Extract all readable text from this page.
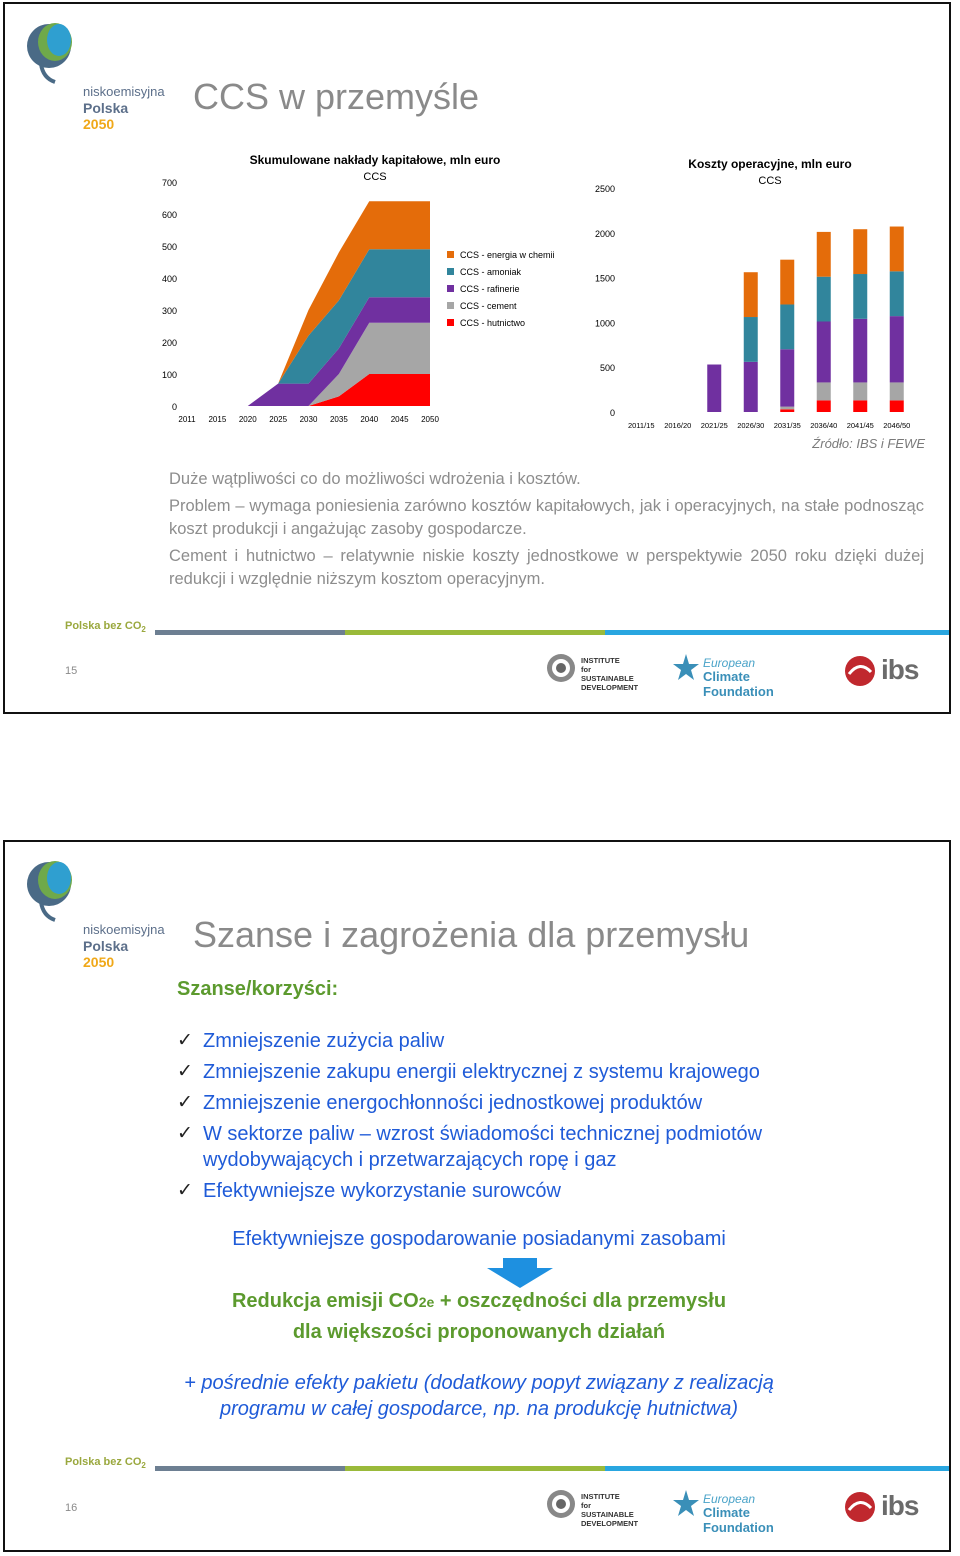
niskoemisyjna
Polska 2050
CCS w przemyśle
Skumulowane nakłady kapitałowe, mln euro
CCS
0
100
200
300
400
500
600
700
2011 2015 2020 2025 2030 2035 2040 2045 2050
CCS - energia w chemii
CCS - amoniak
CCS - rafinerie
CCS - cement
CCS - hutnictwo
Koszty operacyjne, mln euro
CCS
0
500
1000
1500
2000
2500
2011/15 2016/20 2021/25 2026/30 2031/35 2036/40 2041/45 2046/50
Źródło: IBS i FEWE

Duże wątpliwości co do możliwości wdrożenia i kosztów.

Problem – wymaga poniesienia zarówno kosztów kapitałowych, jak i operacyjnych, na stałe podnosząc koszt produkcji i angażując zasoby gospodarcze.

Cement i hutnictwo – relatywnie niskie koszty jednostkowe w perspektywie 2050 roku dzięki dużej redukcji i względnie niższym kosztom operacyjnym.

Polska bez $CO_2$
15
INSTITUTE
for SUSTAINABLE
DEVELOPMENT
European
Climate Foundation
ibs
niskoemisyjna
Polska 2050
Szanse i zagrożenia dla przemysłu
Szanse/korzyści:
✓ Zmniejszenie zużycia paliw
✓ Zmniejszenie zakupu energii elektrycznej z systemu krajowego
✓ Zmniejszenie energochłonności jednostkowej produktów
✓ W sektorze paliw – wzrost świadomości technicznej podmiotów wydobywających i przetwarzających ropę i gaz
✓ Efektywniejsze wykorzystanie surowców
Efektywniejsze gospodarowanie posiadanymi zasobami
Redukcja emisji CO2e + oszczędności dla przemysłu
dla większości proponowanych działań
+ pośrednie efekty pakietu (dodatkowy popyt związany z realizacją
programu w całej gospodarce, np. na produkcję hutnictwa)
Polska bez $CO_2$
16
INSTITUTE
for SUSTAINABLE
DEVELOPMENT
European
Climate Foundation
ibs
